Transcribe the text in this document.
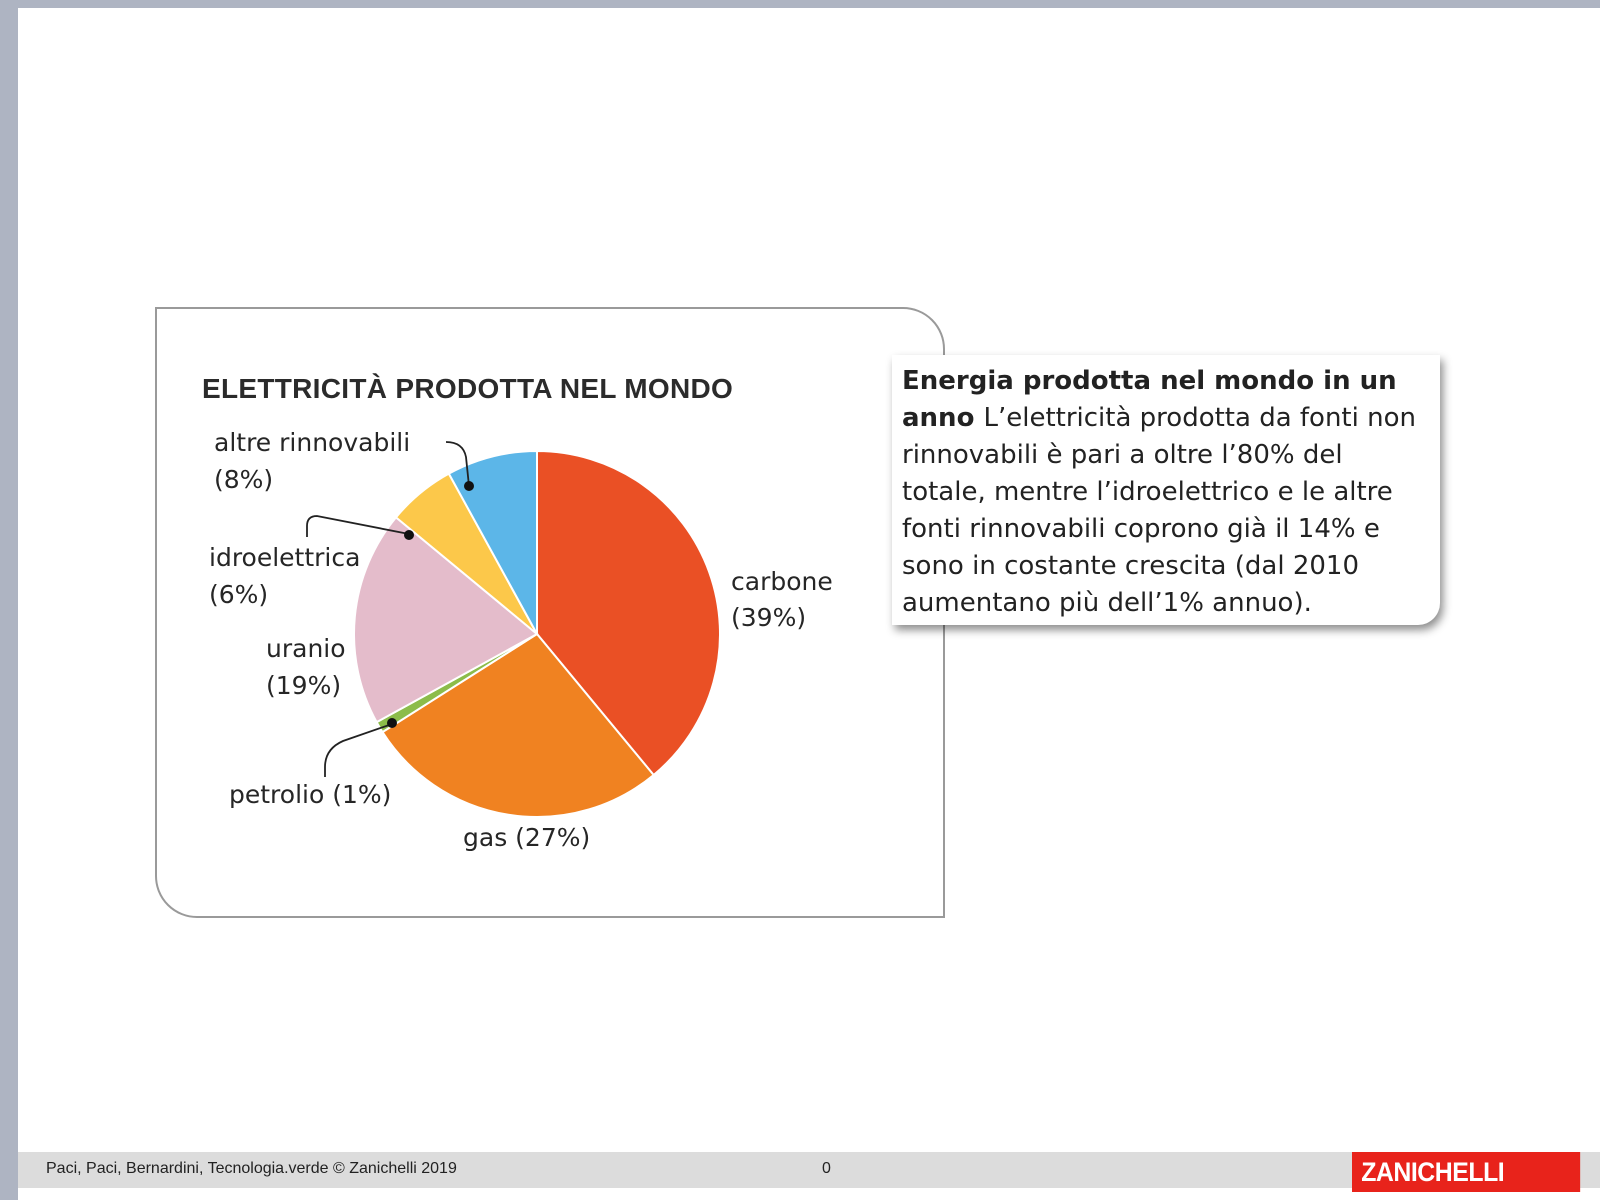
ELETTRICITÀ PRODOTTA NEL MONDO
carbone
(39%)
gas (27%)
petrolio (1%)
uranio
(19%)
idroelettrica
(6%)
altre rinnovabili
(8%)
Energia prodotta nel mondo in un anno L’elettricità prodotta da fonti non rinnovabili è pari a oltre l’80% del totale, mentre l’idroelettrico e le altre fonti rinnovabili coprono già il 14% e sono in costante crescita (dal 2010 aumentano più dell’1% annuo).
Paci, Paci, Bernardini, Tecnologia.verde © Zanichelli 2019	0	ZANICHELLI
